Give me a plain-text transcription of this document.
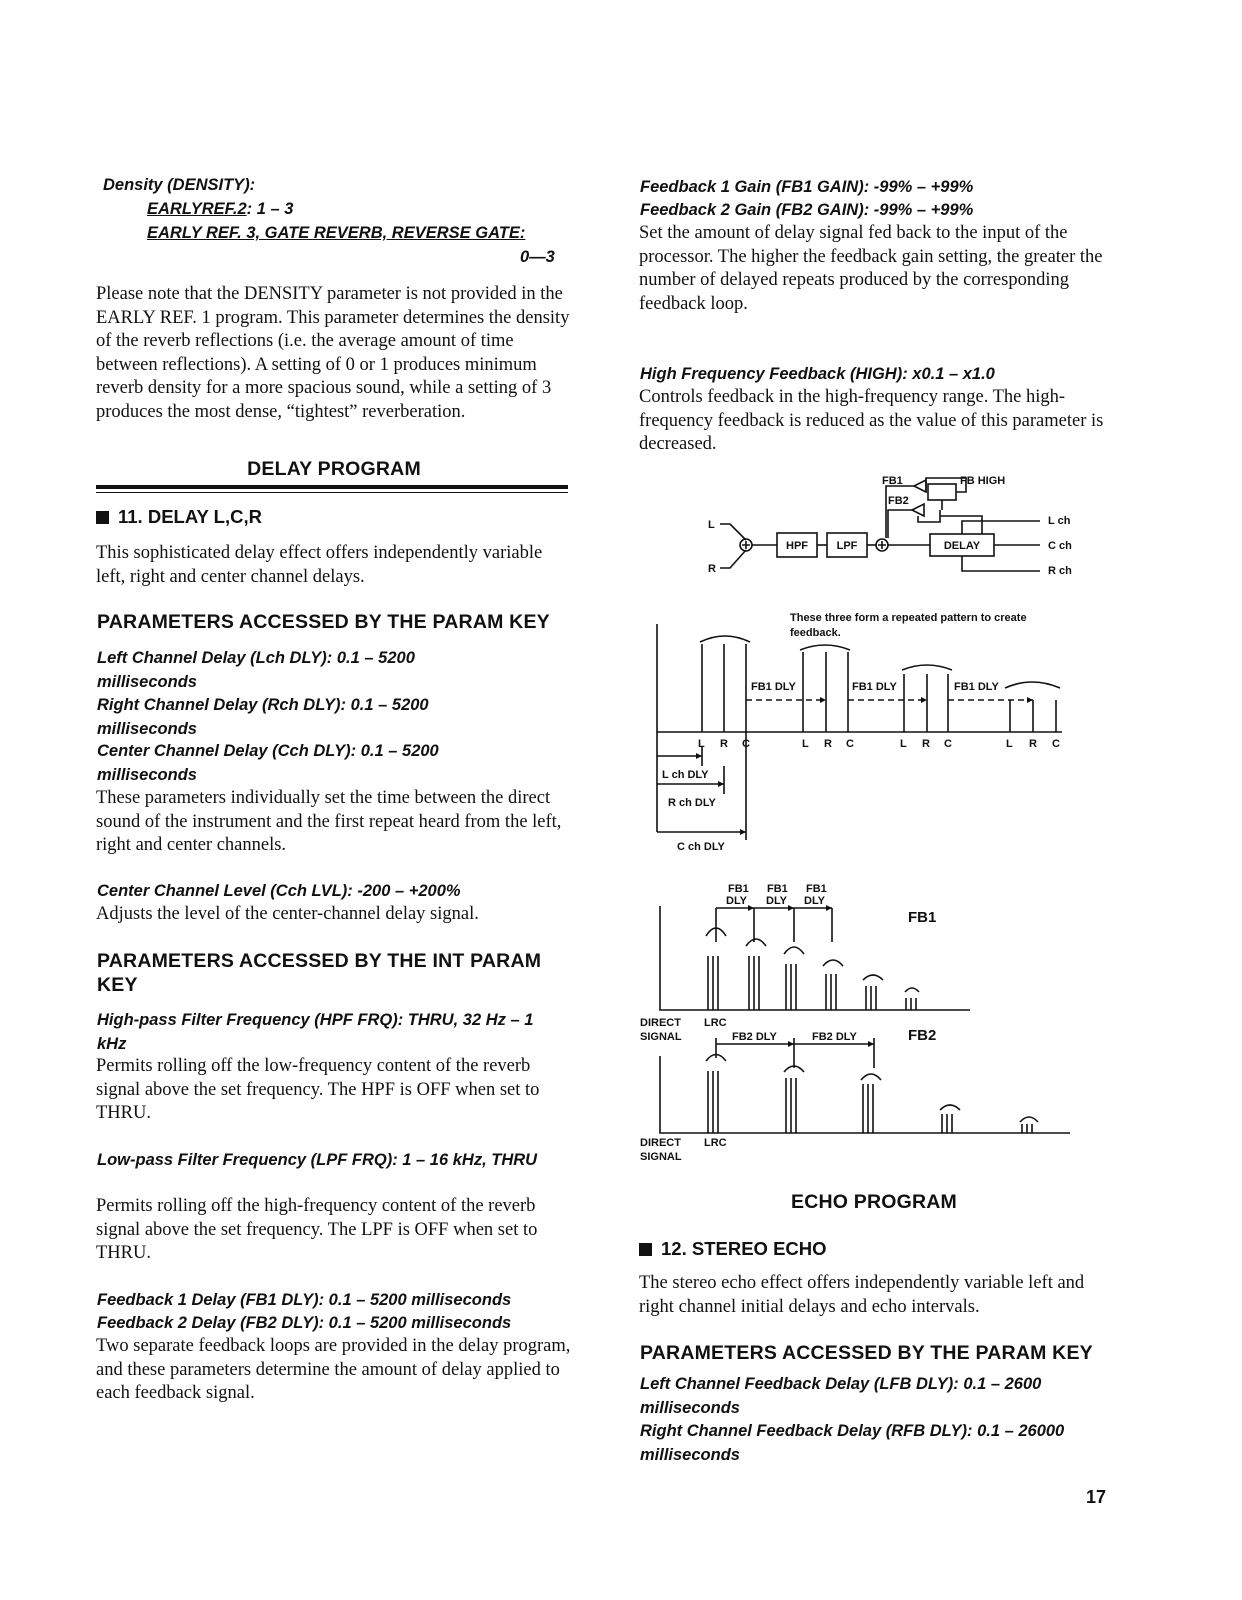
Density (DENSITY):
EARLYREF.2: 1 – 3
EARLY REF. 3, GATE REVERB, REVERSE GATE:
0—3
Please note that the DENSITY parameter is not provided in the EARLY REF. 1 program. This parameter determines the density of the reverb reflections (i.e. the average amount of time between reflections). A setting of 0 or 1 produces minimum reverb density for a more spacious sound, while a setting of 3 produces the most dense, “tightest” reverberation.
DELAY PROGRAM
11. DELAY L,C,R
This sophisticated delay effect offers independently variable left, right and center channel delays.
PARAMETERS ACCESSED BY THE PARAM KEY
Left Channel Delay (Lch DLY): 0.1 – 5200 milliseconds
Right Channel Delay (Rch DLY): 0.1 – 5200 milliseconds
Center Channel Delay (Cch DLY): 0.1 – 5200 milliseconds
These parameters individually set the time between the direct sound of the instrument and the first repeat heard from the left, right and center channels.
Center Channel Level (Cch LVL): -200 – +200%
Adjusts the level of the center-channel delay signal.
PARAMETERS ACCESSED BY THE INT PARAM KEY
High-pass Filter Frequency (HPF FRQ): THRU, 32 Hz – 1 kHz
Permits rolling off the low-frequency content of the reverb signal above the set frequency. The HPF is OFF when set to THRU.
Low-pass Filter Frequency (LPF FRQ): 1 – 16 kHz, THRU
Permits rolling off the high-frequency content of the reverb signal above the set frequency. The LPF is OFF when set to THRU.
Feedback 1 Delay (FB1 DLY): 0.1 – 5200 milliseconds
Feedback 2 Delay (FB2 DLY): 0.1 – 5200 milliseconds
Two separate feedback loops are provided in the delay program, and these parameters determine the amount of delay applied to each feedback signal.
Feedback 1 Gain (FB1 GAIN): -99% – +99%
Feedback 2 Gain (FB2 GAIN): -99% – +99%
Set the amount of delay signal fed back to the input of the processor. The higher the feedback gain setting, the greater the number of delayed repeats produced by the corresponding feedback loop.
High Frequency Feedback (HIGH): x0.1 – x1.0
Controls feedback in the high-frequency range. The high-frequency feedback is reduced as the value of this parameter is decreased.
L
R
HPF	LPF	DELAY
FB1
FB2
FB HIGH
L ch
C ch
R ch
These three form a repeated pattern to create feedback.
FB1 DLY	FB1 DLY	FB1 DLY
L R C	L R C	L R C	L R C
L ch DLY
R ch DLY
C ch DLY
FB1
DLY
FB1
DLY
FB1
DLY
FB1
DIRECT
SIGNAL
LRC
FB2 DLY	FB2 DLY	FB2
DIRECT
SIGNAL
LRC
ECHO PROGRAM
12. STEREO ECHO
The stereo echo effect offers independently variable left and right channel initial delays and echo intervals.
PARAMETERS ACCESSED BY THE PARAM KEY
Left Channel Feedback Delay (LFB DLY): 0.1 – 2600 milliseconds
Right Channel Feedback Delay (RFB DLY): 0.1 – 26000 milliseconds
17
